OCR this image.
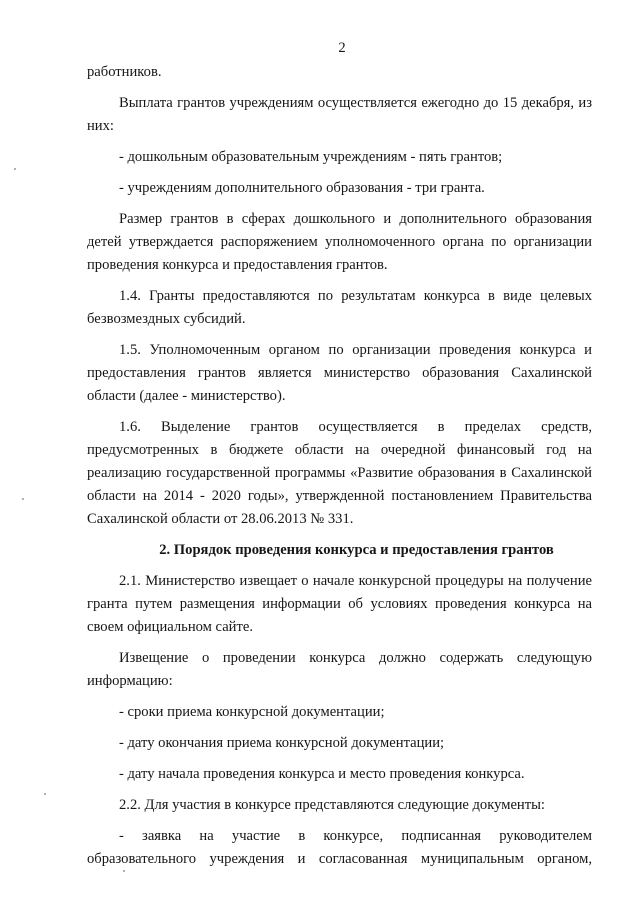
2

работников.

Выплата грантов учреждениям осуществляется ежегодно до 15 декабря, из них:

- дошкольным образовательным учреждениям - пять грантов;

- учреждениям дополнительного образования - три гранта.

Размер грантов в сферах дошкольного и дополнительного образования детей утверждается распоряжением уполномоченного органа по организации проведения конкурса и предоставления грантов.

1.4. Гранты предоставляются по результатам конкурса в виде целевых безвозмездных субсидий.

1.5. Уполномоченным органом по организации проведения конкурса и предоставления грантов является министерство образования Сахалинской области (далее - министерство).

1.6. Выделение грантов осуществляется в пределах средств, предусмотренных в бюджете области на очередной финансовый год на реализацию государственной программы «Развитие образования в Сахалинской области на 2014 - 2020 годы», утвержденной постановлением Правительства Сахалинской области от 28.06.2013 № 331.

2. Порядок проведения конкурса и предоставления грантов

2.1. Министерство извещает о начале конкурсной процедуры на получение гранта путем размещения информации об условиях проведения конкурса на своем официальном сайте.

Извещение о проведении конкурса должно содержать следующую информацию:

- сроки приема конкурсной документации;

- дату окончания приема конкурсной документации;

- дату начала проведения конкурса и место проведения конкурса.

2.2. Для участия в конкурсе представляются следующие документы:

- заявка на участие в конкурсе, подписанная руководителем образовательного учреждения и согласованная муниципальным органом,
